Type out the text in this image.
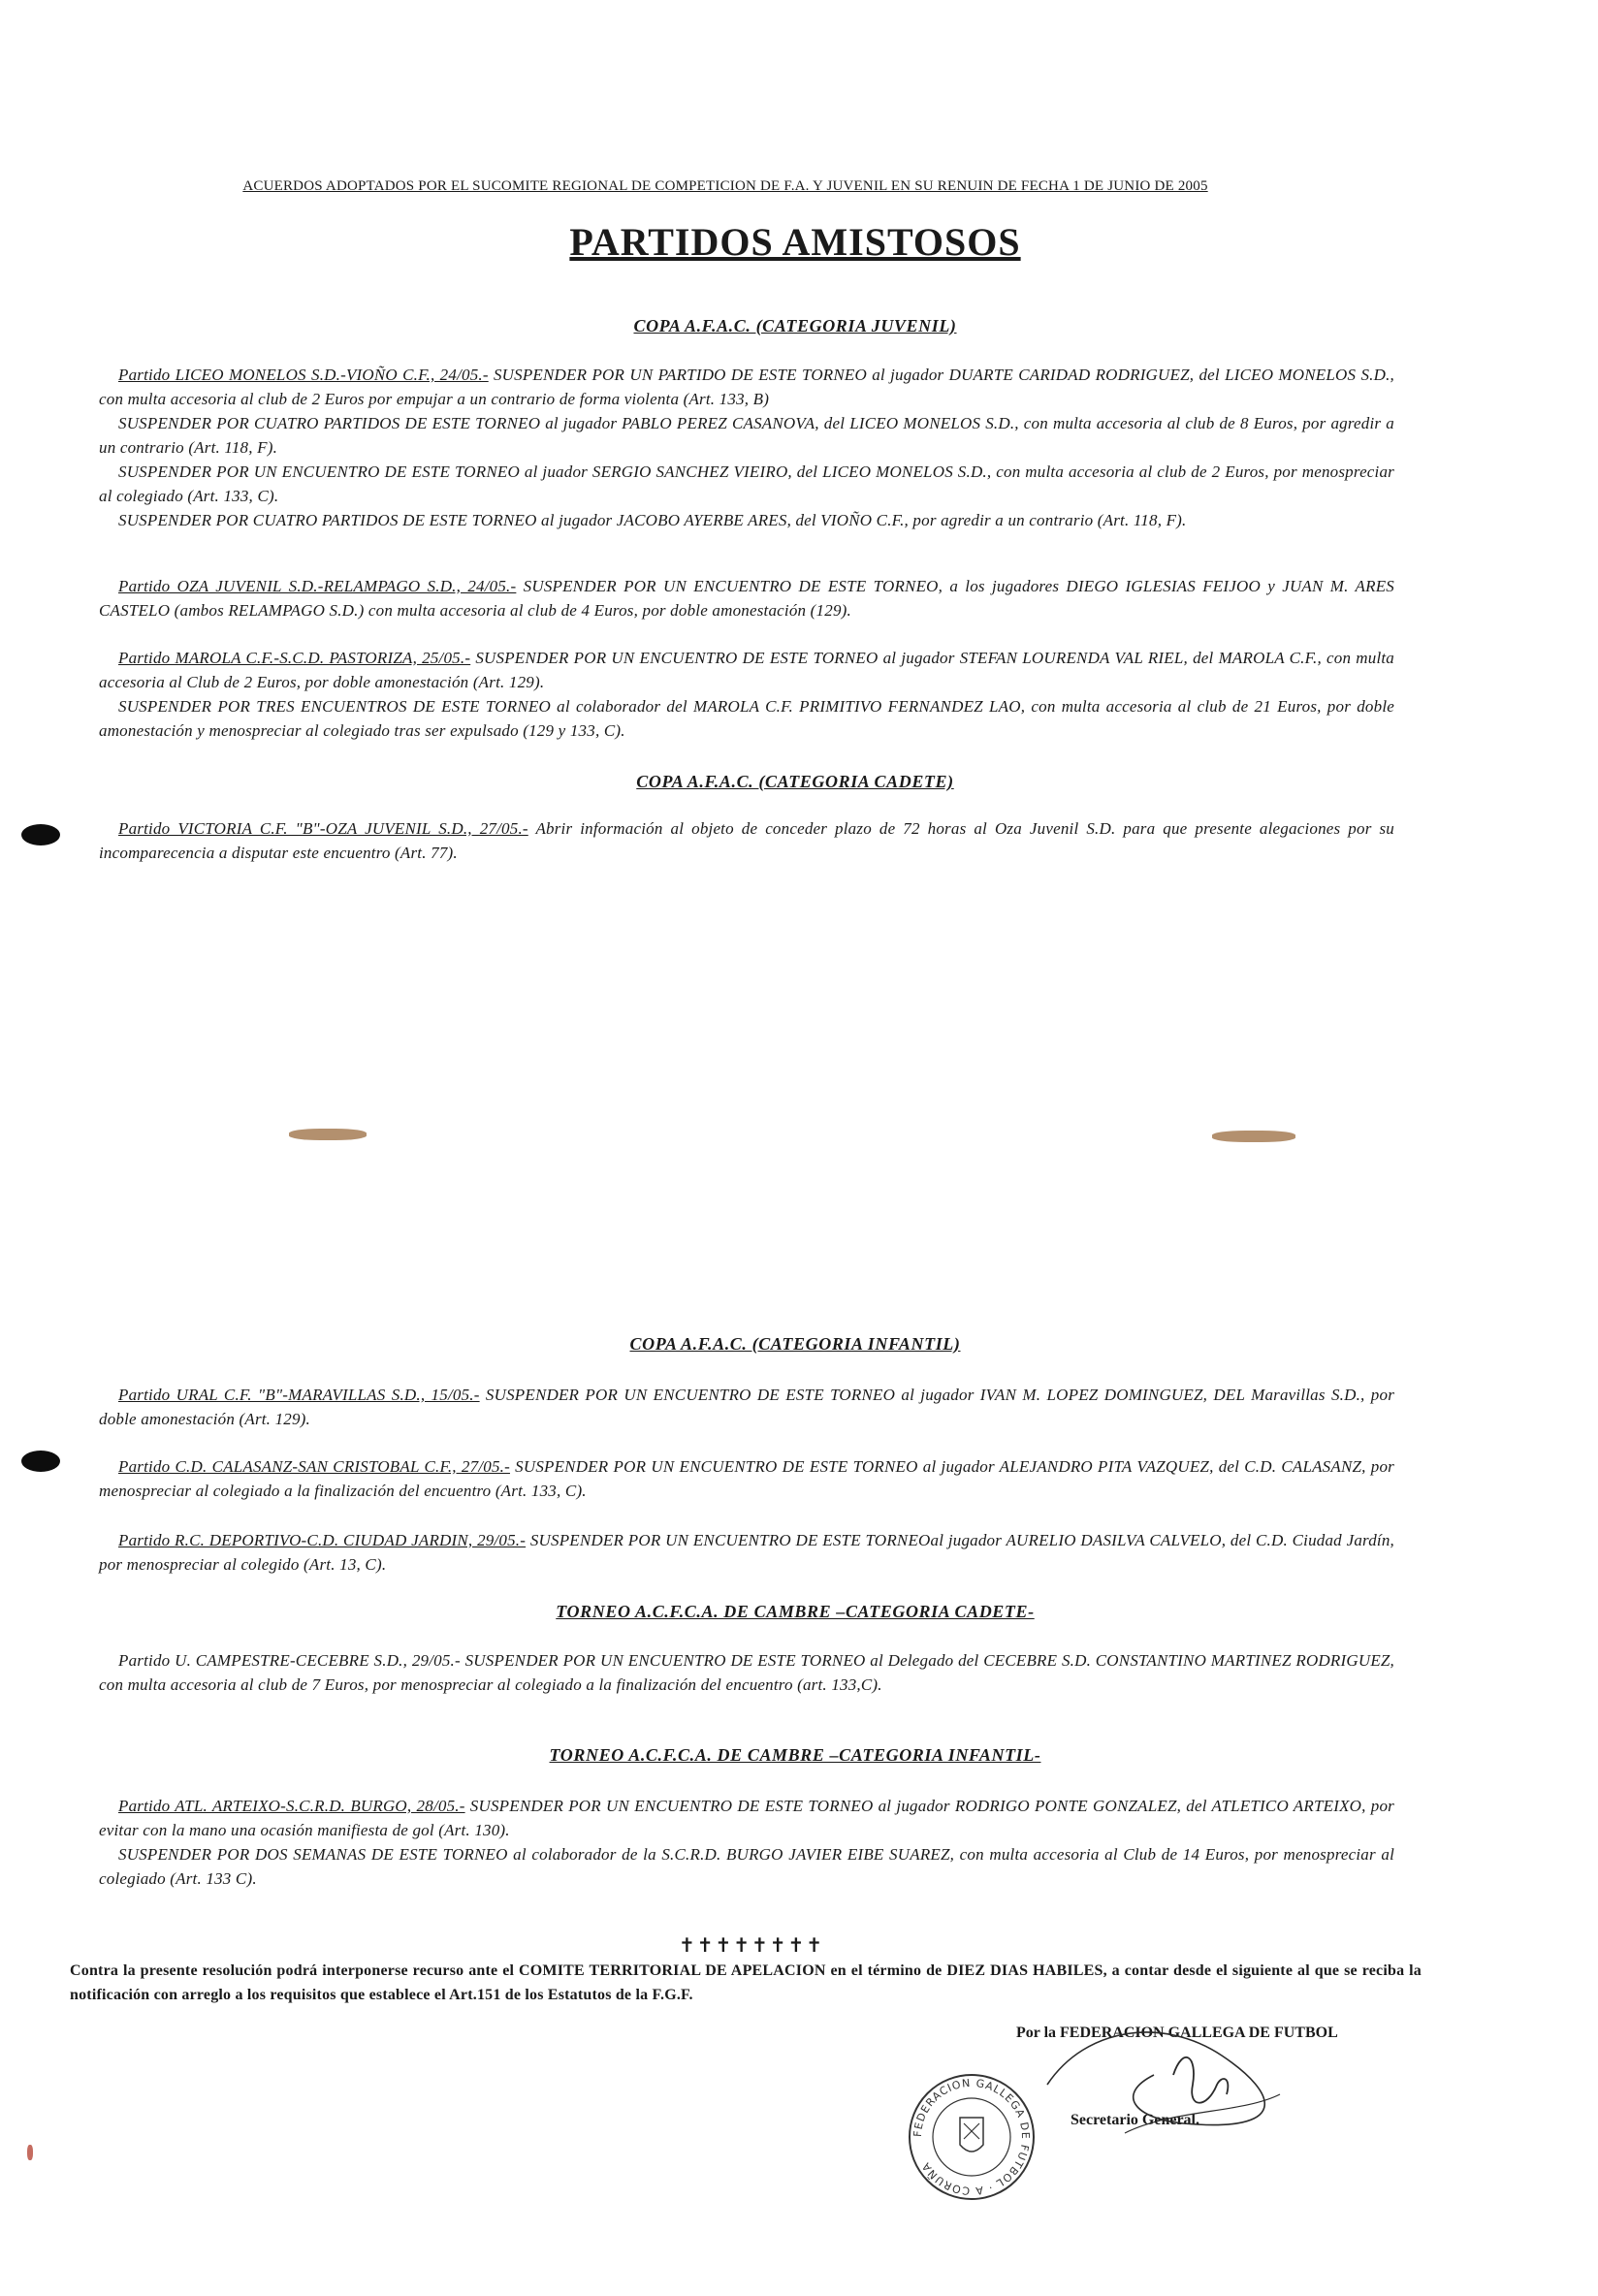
ACUERDOS ADOPTADOS POR EL SUCOMITE REGIONAL DE COMPETICION DE F.A. Y JUVENIL EN SU RENUIN DE FECHA 1 DE JUNIO DE 2005
PARTIDOS AMISTOSOS
COPA A.F.A.C. (CATEGORIA JUVENIL)

Partido LICEO MONELOS S.D.-VIOÑO C.F., 24/05.- SUSPENDER POR UN PARTIDO DE ESTE TORNEO al jugador DUARTE CARIDAD RODRIGUEZ, del LICEO MONELOS S.D., con multa accesoria al club de 2 Euros por empujar a un contrario de forma violenta (Art. 133, B)

SUSPENDER POR CUATRO PARTIDOS DE ESTE TORNEO al jugador PABLO PEREZ CASANOVA, del LICEO MONELOS S.D., con multa accesoria al club de 8 Euros, por agredir a un contrario (Art. 118, F).

SUSPENDER POR UN ENCUENTRO DE ESTE TORNEO al juador SERGIO SANCHEZ VIEIRO, del LICEO MONELOS S.D., con multa accesoria al club de 2 Euros, por menospreciar al colegiado (Art. 133, C).

SUSPENDER POR CUATRO PARTIDOS DE ESTE TORNEO al jugador JACOBO AYERBE ARES, del VIOÑO C.F., por agredir a un contrario (Art. 118, F).

Partido OZA JUVENIL S.D.-RELAMPAGO S.D., 24/05.- SUSPENDER POR UN ENCUENTRO DE ESTE TORNEO, a los jugadores DIEGO IGLESIAS FEIJOO y JUAN M. ARES CASTELO (ambos RELAMPAGO S.D.) con multa accesoria al club de 4 Euros, por doble amonestación (129).

Partido MAROLA C.F.-S.C.D. PASTORIZA, 25/05.- SUSPENDER POR UN ENCUENTRO DE ESTE TORNEO al jugador STEFAN LOURENDA VAL RIEL, del MAROLA C.F., con multa accesoria al Club de 2 Euros, por doble amonestación (Art. 129).

SUSPENDER POR TRES ENCUENTROS DE ESTE TORNEO al colaborador del MAROLA C.F. PRIMITIVO FERNANDEZ LAO, con multa accesoria al club de 21 Euros, por doble amonestación y menospreciar al colegiado tras ser expulsado (129 y 133, C).

COPA A.F.A.C. (CATEGORIA CADETE)

Partido VICTORIA C.F. "B"-OZA JUVENIL S.D., 27/05.- Abrir información al objeto de conceder plazo de 72 horas al Oza Juvenil S.D. para que presente alegaciones por su incomparecencia a disputar este encuentro (Art. 77).

COPA A.F.A.C. (CATEGORIA INFANTIL)

Partido URAL C.F. "B"-MARAVILLAS S.D., 15/05.- SUSPENDER POR UN ENCUENTRO DE ESTE TORNEO al jugador IVAN M. LOPEZ DOMINGUEZ, DEL Maravillas S.D., por doble amonestación (Art. 129).

Partido C.D. CALASANZ-SAN CRISTOBAL C.F., 27/05.- SUSPENDER POR UN ENCUENTRO DE ESTE TORNEO al jugador ALEJANDRO PITA VAZQUEZ, del C.D. CALASANZ, por menospreciar al colegiado a la finalización del encuentro (Art. 133, C).

Partido R.C. DEPORTIVO-C.D. CIUDAD JARDIN, 29/05.- SUSPENDER POR UN ENCUENTRO DE ESTE TORNEOal jugador AURELIO DASILVA CALVELO, del C.D. Ciudad Jardín, por menospreciar al colegido (Art. 13, C).

TORNEO A.C.F.C.A. DE CAMBRE –CATEGORIA CADETE-

Partido U. CAMPESTRE-CECEBRE S.D., 29/05.- SUSPENDER POR UN ENCUENTRO DE ESTE TORNEO al Delegado del CECEBRE S.D. CONSTANTINO MARTINEZ RODRIGUEZ, con multa accesoria al club de 7 Euros, por menospreciar al colegiado a la finalización del encuentro (art. 133,C).

TORNEO A.C.F.C.A. DE CAMBRE –CATEGORIA INFANTIL-

Partido ATL. ARTEIXO-S.C.R.D. BURGO, 28/05.- SUSPENDER POR UN ENCUENTRO DE ESTE TORNEO al jugador RODRIGO PONTE GONZALEZ, del ATLETICO ARTEIXO, por evitar con la mano una ocasión manifiesta de gol (Art. 130).

SUSPENDER POR DOS SEMANAS DE ESTE TORNEO al colaborador de la S.C.R.D. BURGO JAVIER EIBE SUAREZ, con multa accesoria al Club de 14 Euros, por menospreciar al colegiado (Art. 133 C).

✝✝✝✝✝✝✝✝
Contra la presente resolución podrá interponerse recurso ante el COMITE TERRITORIAL DE APELACION en el término de DIEZ DIAS HABILES, a contar desde el siguiente al que se reciba la notificación con arreglo a los requisitos que establece el Art.151 de los Estatutos de la F.G.F.
Por la FEDERACION GALLEGA DE FUTBOL
Secretario General.
FEDERACION GALLEGA DE FUTBOL · A CORUÑA
